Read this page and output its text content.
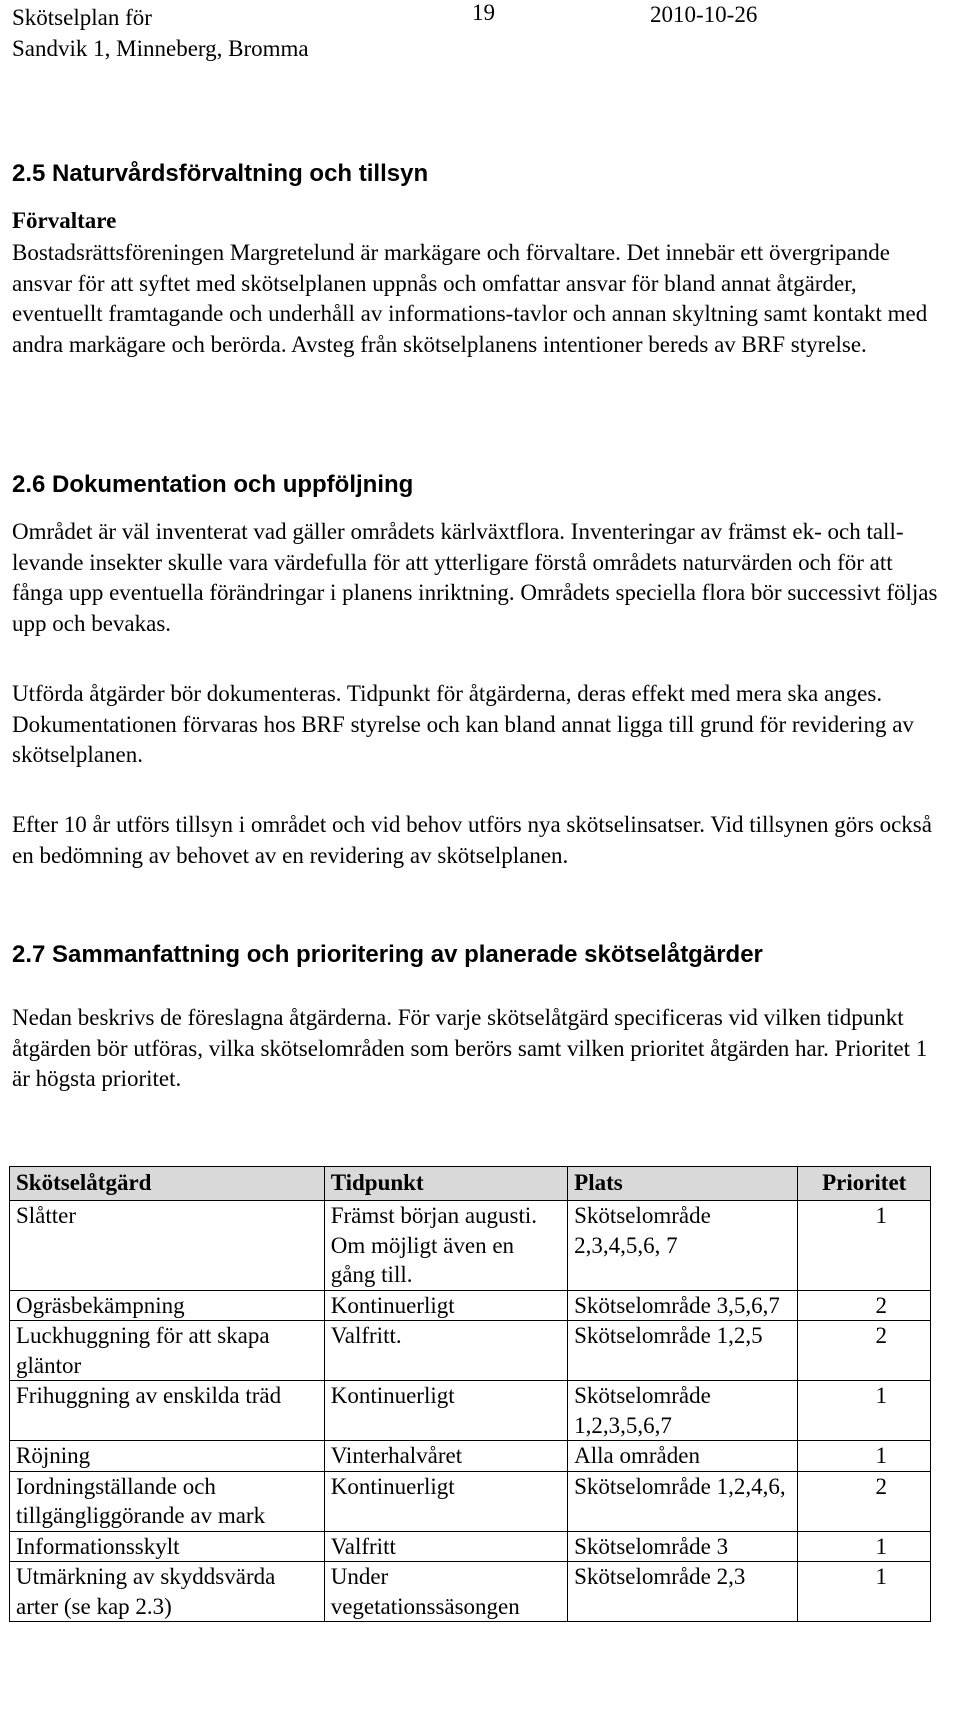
Skötselplan för
Sandvik 1, Minneberg, Bromma
19	2010-10-26
2.5 Naturvårdsförvaltning och tillsyn
Förvaltare

Bostadsrättsföreningen Margretelund är markägare och förvaltare. Det innebär ett övergripande ansvar för att syftet med skötselplanen uppnås och omfattar ansvar för bland annat åtgärder, eventuellt framtagande och underhåll av informations-tavlor och annan skyltning samt kontakt med andra markägare och berörda. Avsteg från skötselplanens intentioner bereds av BRF styrelse.

2.6 Dokumentation och uppföljning

Området är väl inventerat vad gäller områdets kärlväxtflora. Inventeringar av främst ek- och tall-levande insekter skulle vara värdefulla för att ytterligare förstå områdets naturvärden och för att fånga upp eventuella förändringar i planens inriktning. Områdets speciella flora bör successivt följas upp och bevakas.

Utförda åtgärder bör dokumenteras. Tidpunkt för åtgärderna, deras effekt med mera ska anges. Dokumentationen förvaras hos BRF styrelse och kan bland annat ligga till grund för revidering av skötselplanen.

Efter 10 år utförs tillsyn i området och vid behov utförs nya skötselinsatser. Vid tillsynen görs också en bedömning av behovet av en revidering av skötselplanen.

2.7 Sammanfattning och prioritering av planerade skötselåtgärder

Nedan beskrivs de föreslagna åtgärderna. För varje skötselåtgärd specificeras vid vilken tidpunkt åtgärden bör utföras, vilka skötselområden som berörs samt vilken prioritet åtgärden har. Prioritet 1 är högsta prioritet.

Skötselåtgärd	Tidpunkt	Plats	Prioritet
Slåtter	Främst början augusti. Om möjligt även en gång till.	Skötselområde 2,3,4,5,6, 7	1
Ogräsbekämpning	Kontinuerligt	Skötselområde 3,5,6,7	2
Luckhuggning för att skapa gläntor	Valfritt.	Skötselområde 1,2,5	2
Frihuggning av enskilda träd	Kontinuerligt	Skötselområde 1,2,3,5,6,7	1
Röjning	Vinterhalvåret	Alla områden	1
Iordningställande och tillgängliggörande av mark	Kontinuerligt	Skötselområde 1,2,4,6,	2
Informationsskylt	Valfritt	Skötselområde 3	1
Utmärkning av skyddsvärda arter (se kap 2.3)	Under vegetationssäsongen	Skötselområde 2,3	1
